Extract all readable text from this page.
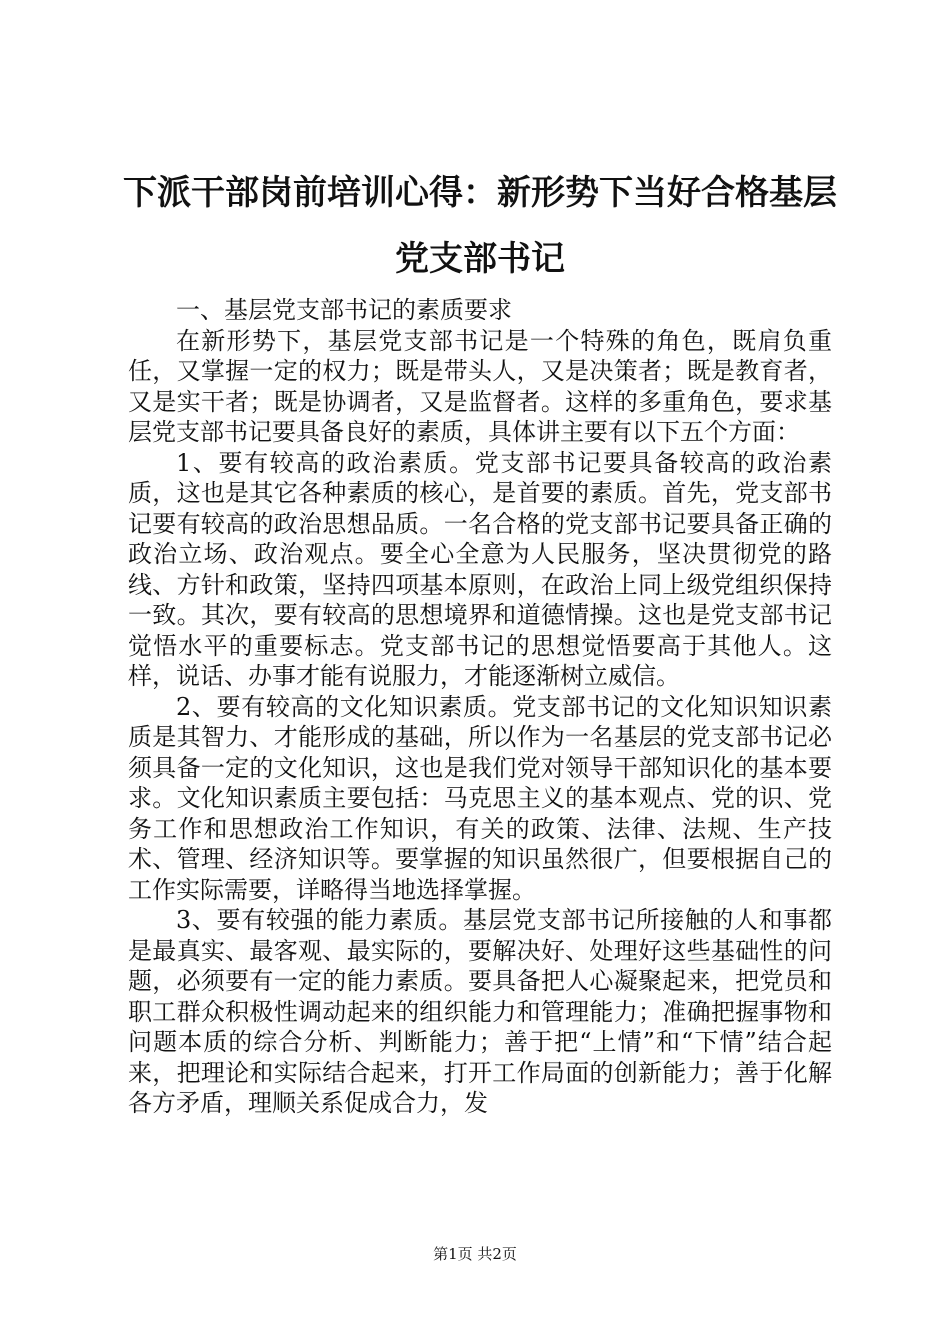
下派干部岗前培训心得：新形势下当好合格基层党支部书记

一、基层党支部书记的素质要求

在新形势下，基层党支部书记是一个特殊的角色，既肩负重任，又掌握一定的权力；既是带头人，又是决策者；既是教育者，又是实干者；既是协调者，又是监督者。这样的多重角色，要求基层党支部书记要具备良好的素质，具体讲主要有以下五个方面：

1、要有较高的政治素质。党支部书记要具备较高的政治素质，这也是其它各种素质的核心，是首要的素质。首先，党支部书记要有较高的政治思想品质。一名合格的党支部书记要具备正确的政治立场、政治观点。要全心全意为人民服务，坚决贯彻党的路线、方针和政策，坚持四项基本原则，在政治上同上级党组织保持一致。其次，要有较高的思想境界和道德情操。这也是党支部书记觉悟水平的重要标志。党支部书记的思想觉悟要高于其他人。这样，说话、办事才能有说服力，才能逐渐树立威信。

2、要有较高的文化知识素质。党支部书记的文化知识知识素质是其智力、才能形成的基础，所以作为一名基层的党支部书记必须具备一定的文化知识，这也是我们党对领导干部知识化的基本要求。文化知识素质主要包括：马克思主义的基本观点、党的识、党务工作和思想政治工作知识，有关的政策、法律、法规、生产技术、管理、经济知识等。要掌握的知识虽然很广，但要根据自己的工作实际需要，详略得当地选择掌握。

3、要有较强的能力素质。基层党支部书记所接触的人和事都是最真实、最客观、最实际的，要解决好、处理好这些基础性的问题，必须要有一定的能力素质。要具备把人心凝聚起来，把党员和职工群众积极性调动起来的组织能力和管理能力；准确把握事物和问题本质的综合分析、判断能力；善于把“上情”和“下情”结合起来，把理论和实际结合起来，打开工作局面的创新能力；善于化解各方矛盾，理顺关系促成合力，发

第1页 共2页
